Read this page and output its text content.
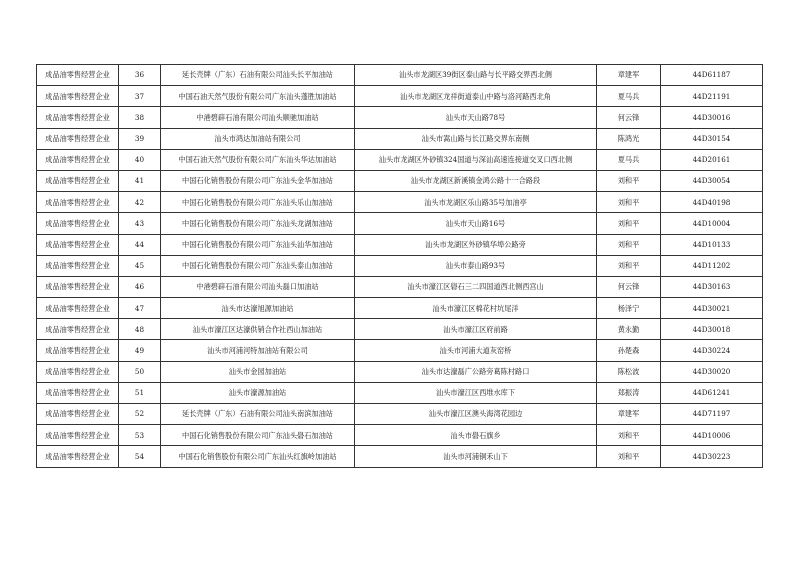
成品油零售经营企业	36	延长壳牌（广东）石油有限公司汕头长平加油站	汕头市龙湖区39街区泰山路与长平路交界西北侧	章建军	44D61187
成品油零售经营企业	37	中国石油天然气股份有限公司广东汕头蓬胜加油站	汕头市龙湖区龙祥街道泰山中路与洛河路西北角	夏马兵	44D21191
成品油零售经营企业	38	中港碧辟石油有限公司汕头顺驰加油站	汕头市天山路78号	何云锋	44D30016
成品油零售经营企业	39	汕头市鸿达加油站有限公司	汕头市嵩山路与长江路交界东南侧	陈鸿光	44D30154
成品油零售经营企业	40	中国石油天然气股份有限公司广东汕头华达加油站	汕头市龙湖区外砂镇324国道与深汕高速连接道交叉口西北侧	夏马兵	44D20161
成品油零售经营企业	41	中国石化销售股份有限公司广东汕头金华加油站	汕头市龙湖区新溪镇金鸿公路十一合路段	刘和平	44D30054
成品油零售经营企业	42	中国石化销售股份有限公司广东汕头乐山加油站	汕头市龙湖区乐山路35号加油亭	刘和平	44D40198
成品油零售经营企业	43	中国石化销售股份有限公司广东汕头龙湖加油站	汕头市天山路16号	刘和平	44D10004
成品油零售经营企业	44	中国石化销售股份有限公司广东汕头汕华加油站	汕头市龙湖区外砂镇华埠公路旁	刘和平	44D10133
成品油零售经营企业	45	中国石化销售股份有限公司广东汕头泰山加油站	汕头市泰山路93号	刘和平	44D11202
成品油零售经营企业	46	中港碧辟石油有限公司汕头磊口加油站	汕头市濠江区礐石三二四国道西北侧西宫山	何云锋	44D30163
成品油零售经营企业	47	汕头市达濠旭源加油站	汕头市濠江区棉花村坑尾洋	杨泽宁	44D30021
成品油零售经营企业	48	汕头市濠江区达濠供销合作社西山加油站	汕头市濠江区府前路	黄永勤	44D30018
成品油零售经营企业	49	汕头市河浦河特加油站有限公司	汕头市河浦大道灰窑桥	孙楚森	44D30224
成品油零售经营企业	50	汕头市金园加油站	汕头市达濠磊广公路旁葛陈村路口	陈松波	44D30020
成品油零售经营企业	51	汕头市濠源加油站	汕头市濠江区西堆水库下	郑振涛	44D61241
成品油零售经营企业	52	延长壳牌（广东）石油有限公司汕头南滨加油站	汕头市濠江区澳头海湾花园边	章建军	44D71197
成品油零售经营企业	53	中国石化销售股份有限公司广东汕头礐石加油站	汕头市礐石旗乡	刘和平	44D10006
成品油零售经营企业	54	中国石化销售股份有限公司广东汕头红旗岭加油站	汕头市河浦铜禾山下	刘和平	44D30223
